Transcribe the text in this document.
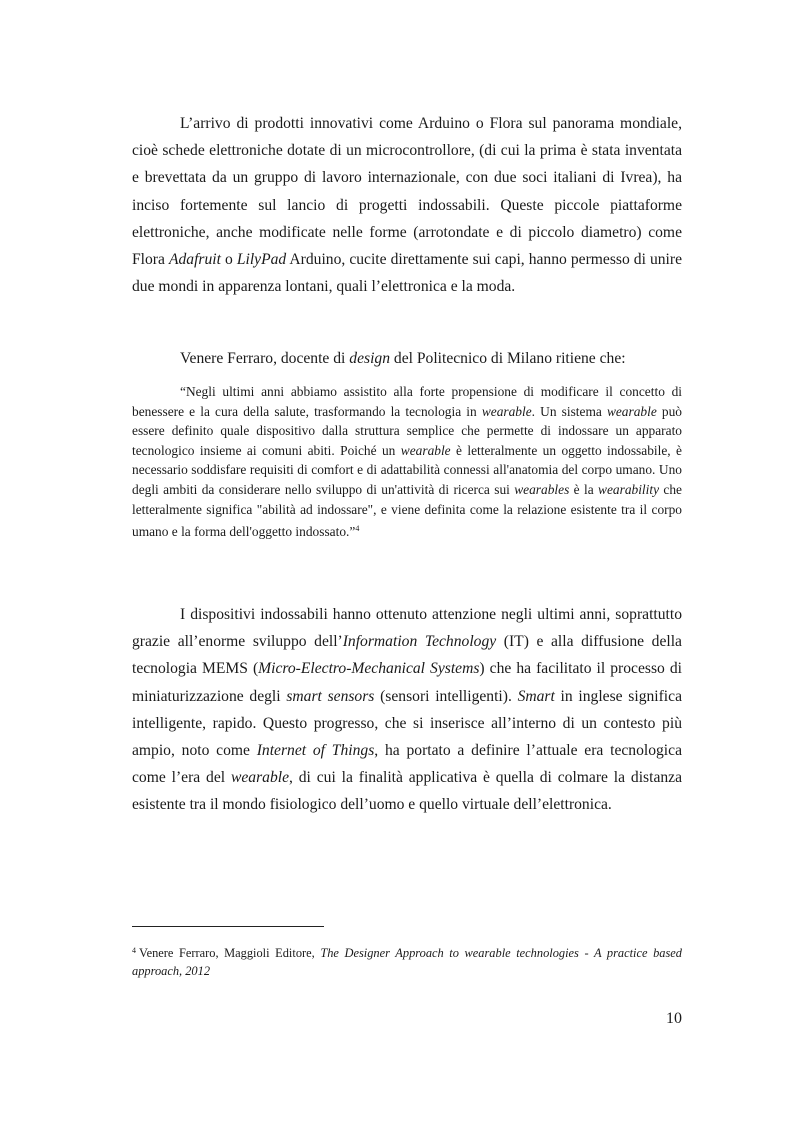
L’arrivo di prodotti innovativi come Arduino o Flora sul panorama mondiale, cioè schede elettroniche dotate di un microcontrollore, (di cui la prima è stata inventata e brevettata da un gruppo di lavoro internazionale, con due soci italiani di Ivrea), ha inciso fortemente sul lancio di progetti indossabili. Queste piccole piattaforme elettroniche, anche modificate nelle forme (arrotondate e di piccolo diametro) come Flora Adafruit o LilyPad Arduino, cucite direttamente sui capi, hanno permesso di unire due mondi in apparenza lontani, quali l’elettronica e la moda.

Venere Ferraro, docente di design del Politecnico di Milano ritiene che:

“Negli ultimi anni abbiamo assistito alla forte propensione di modificare il concetto di benessere e la cura della salute, trasformando la tecnologia in wearable. Un sistema wearable può essere definito quale dispositivo dalla struttura semplice che permette di indossare un apparato tecnologico insieme ai comuni abiti. Poiché un wearable è letteralmente un oggetto indossabile, è necessario soddisfare requisiti di comfort e di adattabilità connessi all'anatomia del corpo umano. Uno degli ambiti da considerare nello sviluppo di un'attività di ricerca sui wearables è la wearability che letteralmente significa "abilità ad indossare", e viene definita come la relazione esistente tra il corpo umano e la forma dell'oggetto indossato.”$^4$

I dispositivi indossabili hanno ottenuto attenzione negli ultimi anni, soprattutto grazie all’enorme sviluppo dell’Information Technology (IT) e alla diffusione della tecnologia MEMS (Micro-Electro-Mechanical Systems) che ha facilitato il processo di miniaturizzazione degli smart sensors (sensori intelligenti). Smart in inglese significa intelligente, rapido. Questo progresso, che si inserisce all’interno di un contesto più ampio, noto come Internet of Things, ha portato a definire l’attuale era tecnologica come l’era del wearable, di cui la finalità applicativa è quella di colmare la distanza esistente tra il mondo fisiologico dell’uomo e quello virtuale dell’elettronica.

$^4$ Venere Ferraro, Maggioli Editore, The Designer Approach to wearable technologies - A practice based approach, 2012

10
